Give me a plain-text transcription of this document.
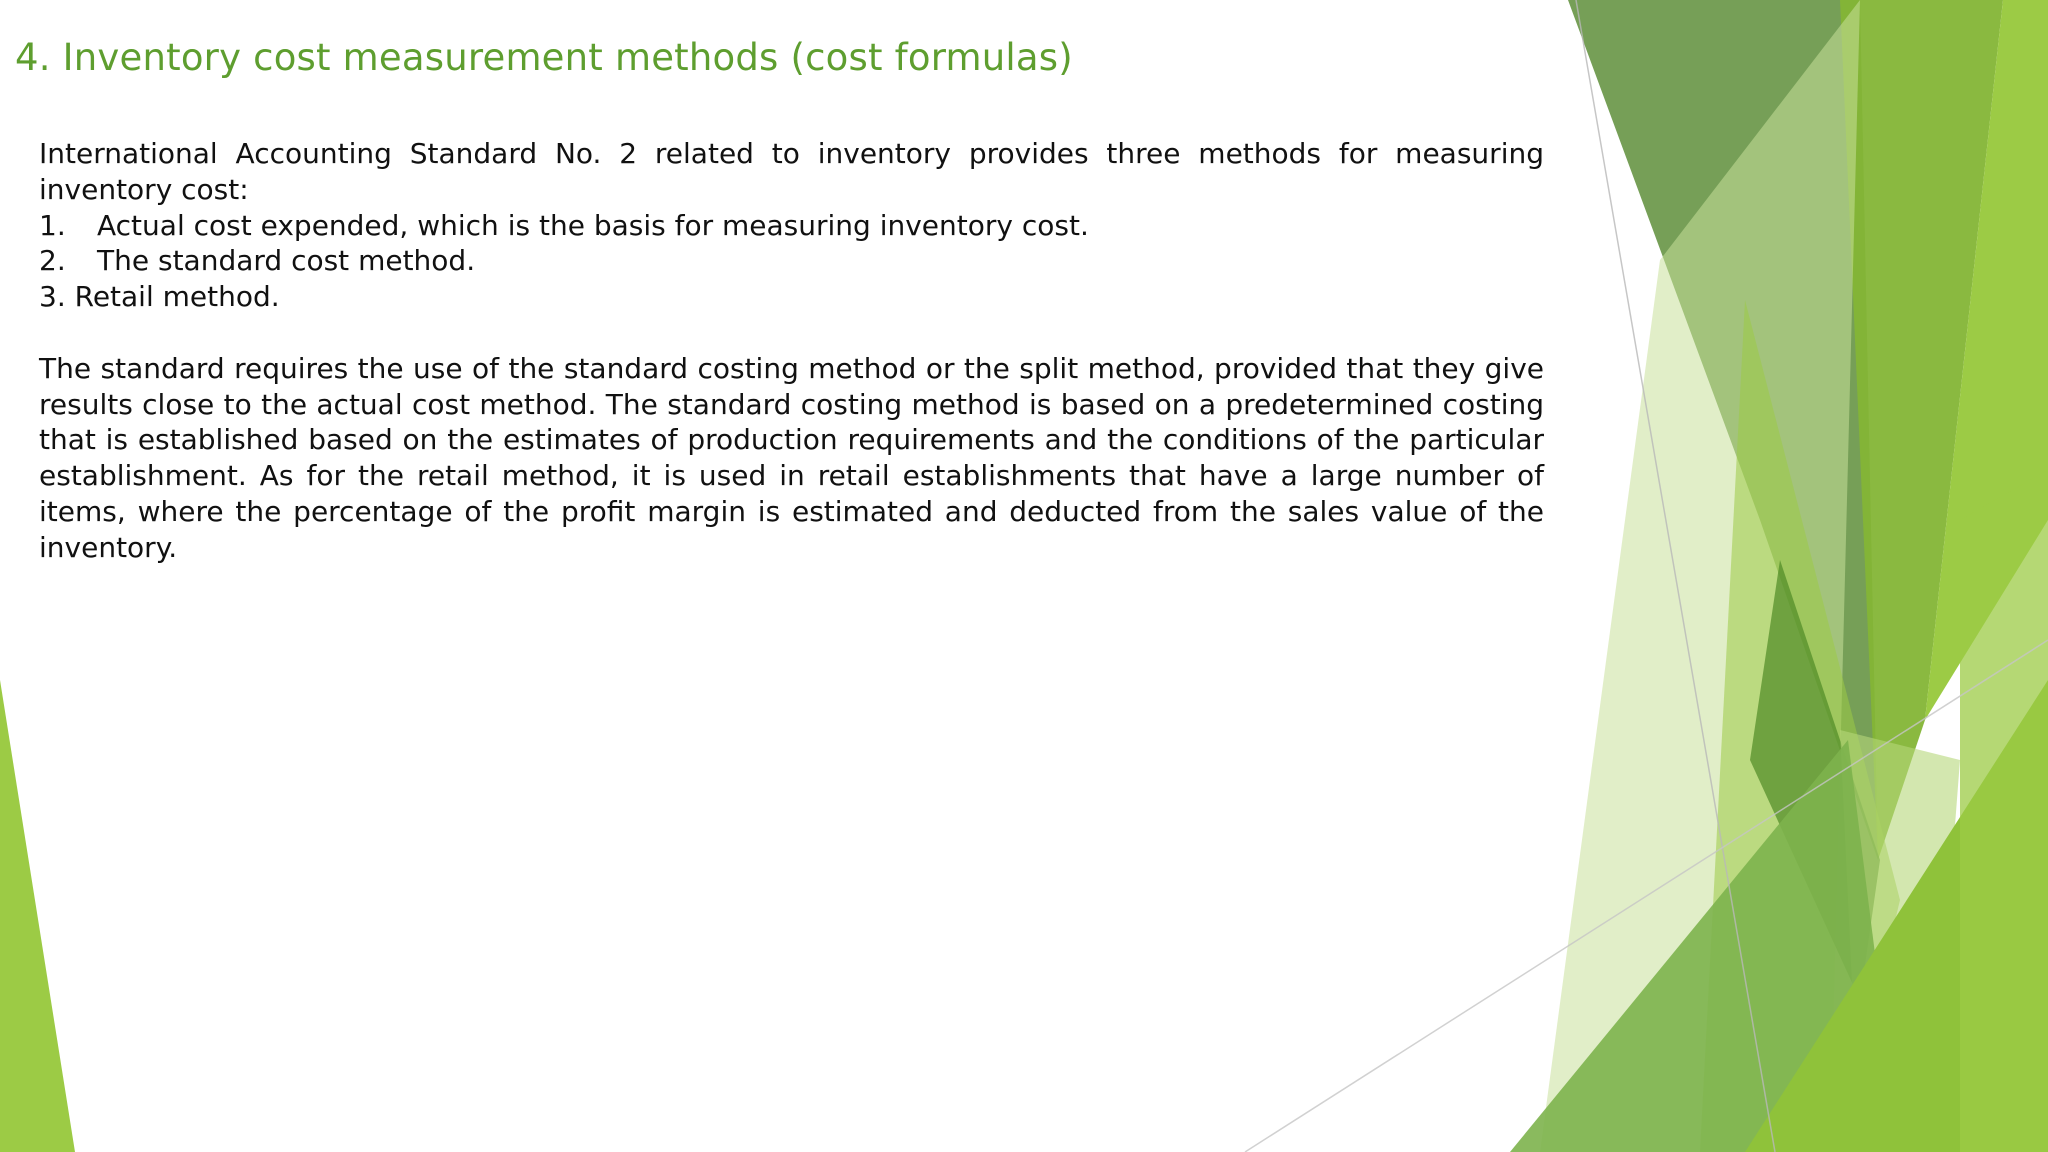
4. Inventory cost measurement methods (cost formulas)

International Accounting Standard No. 2 related to inventory provides three methods for measuring inventory cost:

1. Actual cost expended, which is the basis for measuring inventory cost.
2. The standard cost method.
3. Retail method.

The standard requires the use of the standard costing method or the split method, provided that they give results close to the actual cost method. The standard costing method is based on a predetermined costing that is established based on the estimates of production requirements and the conditions of the particular establishment. As for the retail method, it is used in retail establishments that have a large number of items, where the percentage of the profit margin is estimated and deducted from the sales value of the inventory.
